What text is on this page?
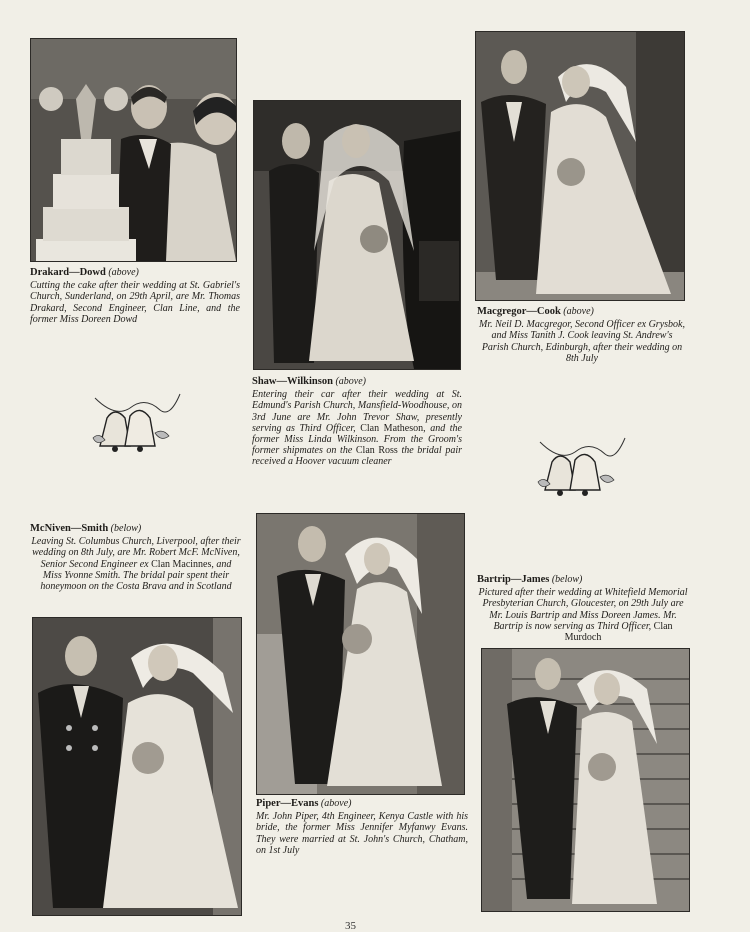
Drakard—Dowd (above)
Cutting the cake after their wedding at St. Gabriel's Church, Sunderland, on 29th April, are Mr. Thomas Drakard, Second Engineer, Clan Line, and the former Miss Doreen Dowd
Shaw—Wilkinson (above)
Entering their car after their wedding at St. Edmund's Parish Church, Mansfield-Woodhouse, on 3rd June are Mr. John Trevor Shaw, presently serving as Third Officer, Clan Matheson, and the former Miss Linda Wilkinson. From the Groom's former shipmates on the Clan Ross the bridal pair received a Hoover vacuum cleaner
Macgregor—Cook (above)
Mr. Neil D. Macgregor, Second Officer ex Grysbok, and Miss Tanith J. Cook leaving St. Andrew's Parish Church, Edinburgh, after their wedding on 8th July
McNiven—Smith (below)
Leaving St. Columbus Church, Liverpool, after their wedding on 8th July, are Mr. Robert McF. McNiven, Senior Second Engineer ex Clan Macinnes, and Miss Yvonne Smith. The bridal pair spent their honeymoon on the Costa Brava and in Scotland
Piper—Evans (above)
Mr. John Piper, 4th Engineer, Kenya Castle with his bride, the former Miss Jennifer Myfanwy Evans. They were married at St. John's Church, Chatham, on 1st July
Bartrip—James (below)
Pictured after their wedding at Whitefield Memorial Presbyterian Church, Gloucester, on 29th July are Mr. Louis Bartrip and Miss Doreen James. Mr. Bartrip is now serving as Third Officer, Clan Murdoch
35
